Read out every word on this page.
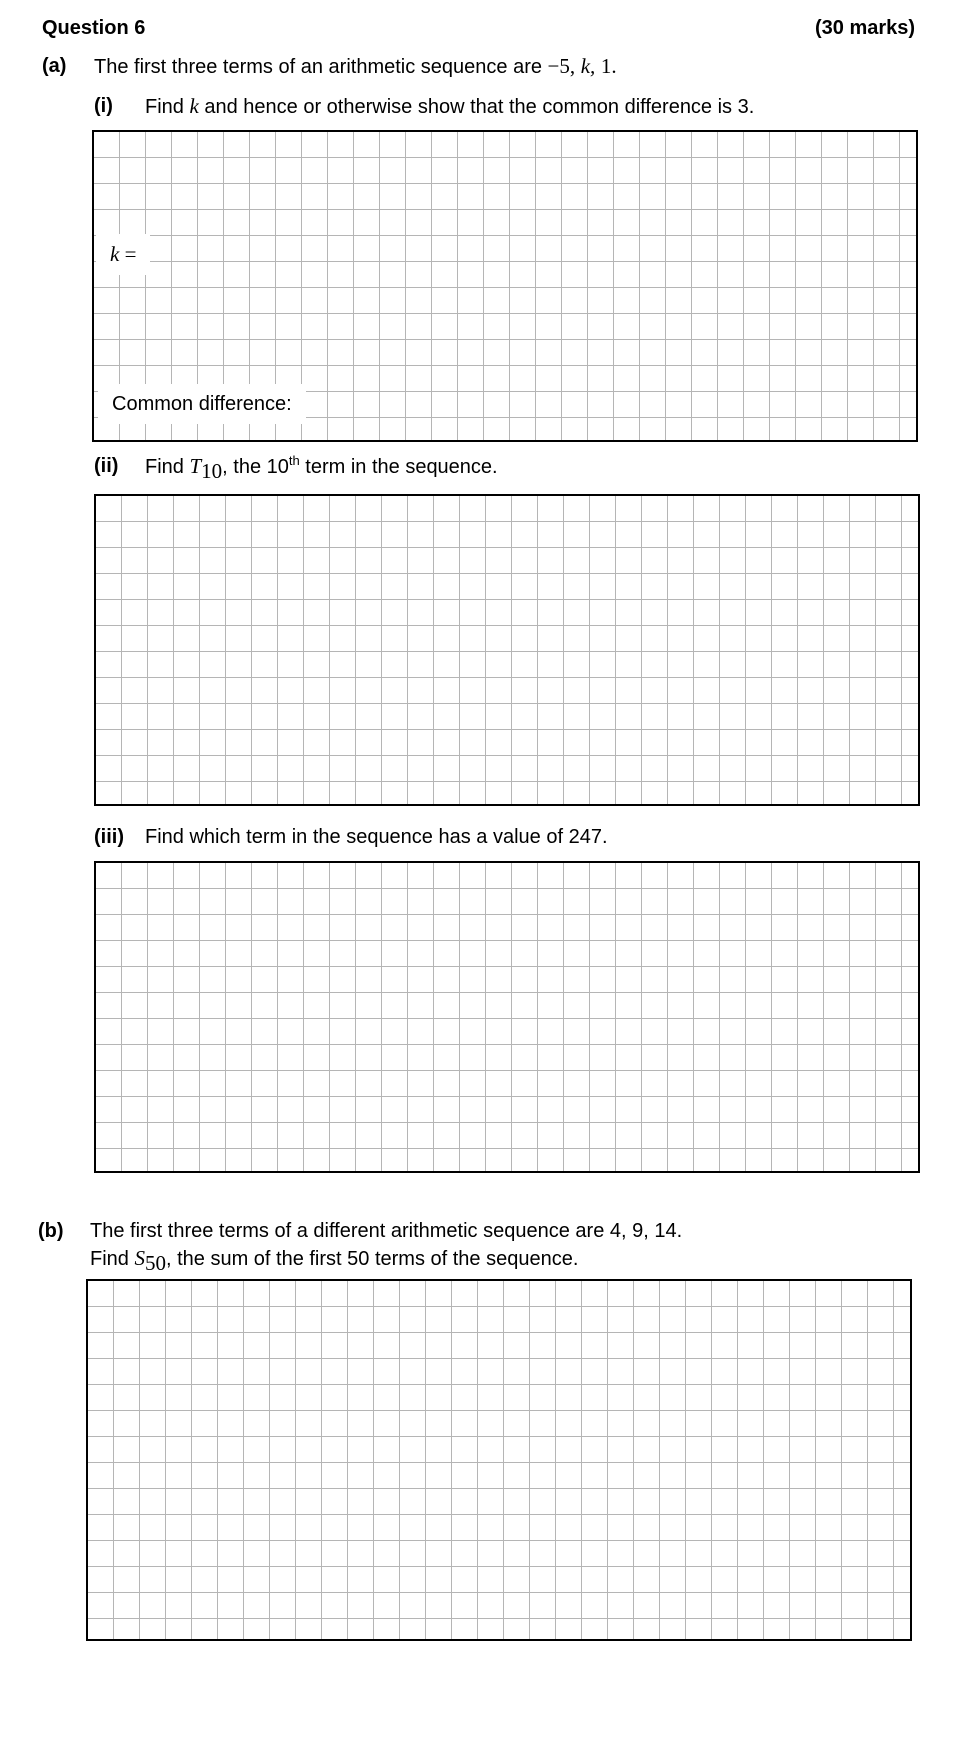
Question 6	(30 marks)
(a) The first three terms of an arithmetic sequence are −5, k, 1.
(i) Find k and hence or otherwise show that the common difference is 3.
k =
Common difference:
(ii) Find $T_{10}$, the 10th term in the sequence.
(iii) Find which term in the sequence has a value of 247.
(b) The first three terms of a different arithmetic sequence are 4, 9, 14.
Find $S_{50}$, the sum of the first 50 terms of the sequence.
